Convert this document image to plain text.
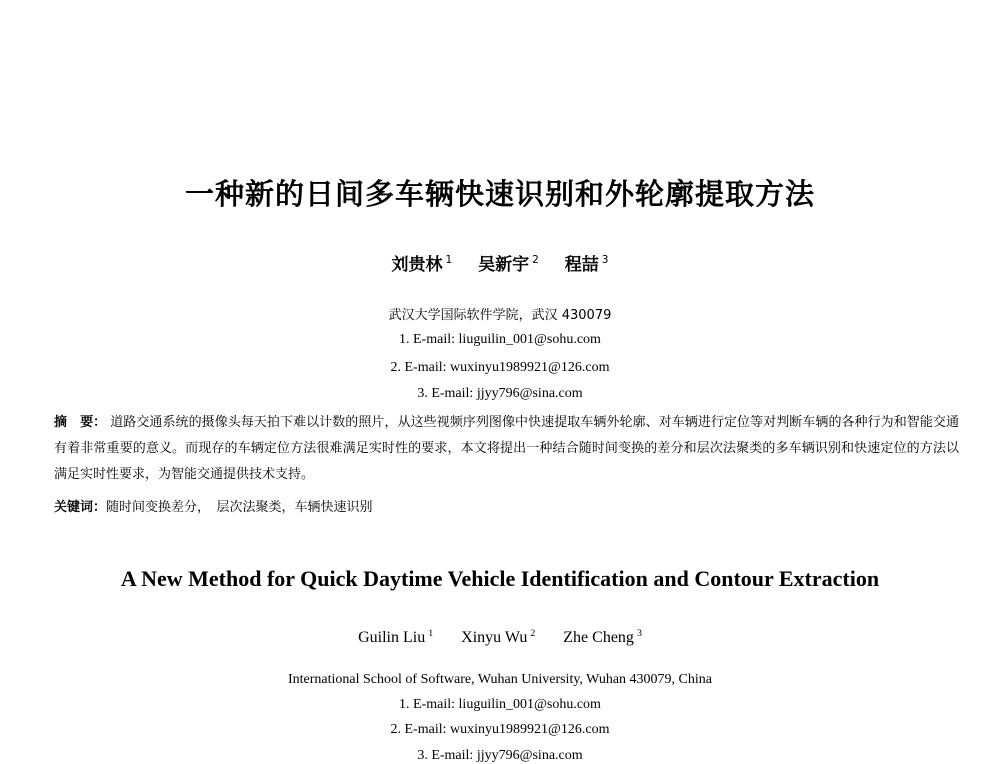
一种新的日间多车辆快速识别和外轮廓提取方法
刘贵林 $^1$ 吴新宇 $^2$ 程喆 $^3$
武汉大学国际软件学院，武汉 430079
1. E-mail: liuguilin_001@sohu.com
2. E-mail: wuxinyu1989921@126.com
3. E-mail: jjyy796@sina.com
摘　要： 道路交通系统的摄像头每天拍下难以计数的照片，从这些视频序列图像中快速提取车辆外轮廓、对车辆进行定位等对判断车辆的各种行为和智能交通有着非常重要的意义。而现存的车辆定位方法很难满足实时性的要求，本文将提出一种结合随时间变换的差分和层次法聚类的多车辆识别和快速定位的方法以满足实时性要求，为智能交通提供技术支持。
关键词：随时间变换差分，　层次法聚类，车辆快速识别
A New Method for Quick Daytime Vehicle Identification and Contour Extraction
Guilin Liu $^1$ Xinyu Wu $^2$ Zhe Cheng $^3$
International School of Software, Wuhan University, Wuhan 430079, China
1. E-mail: liuguilin_001@sohu.com
2. E-mail: wuxinyu1989921@126.com
3. E-mail: jjyy796@sina.com
